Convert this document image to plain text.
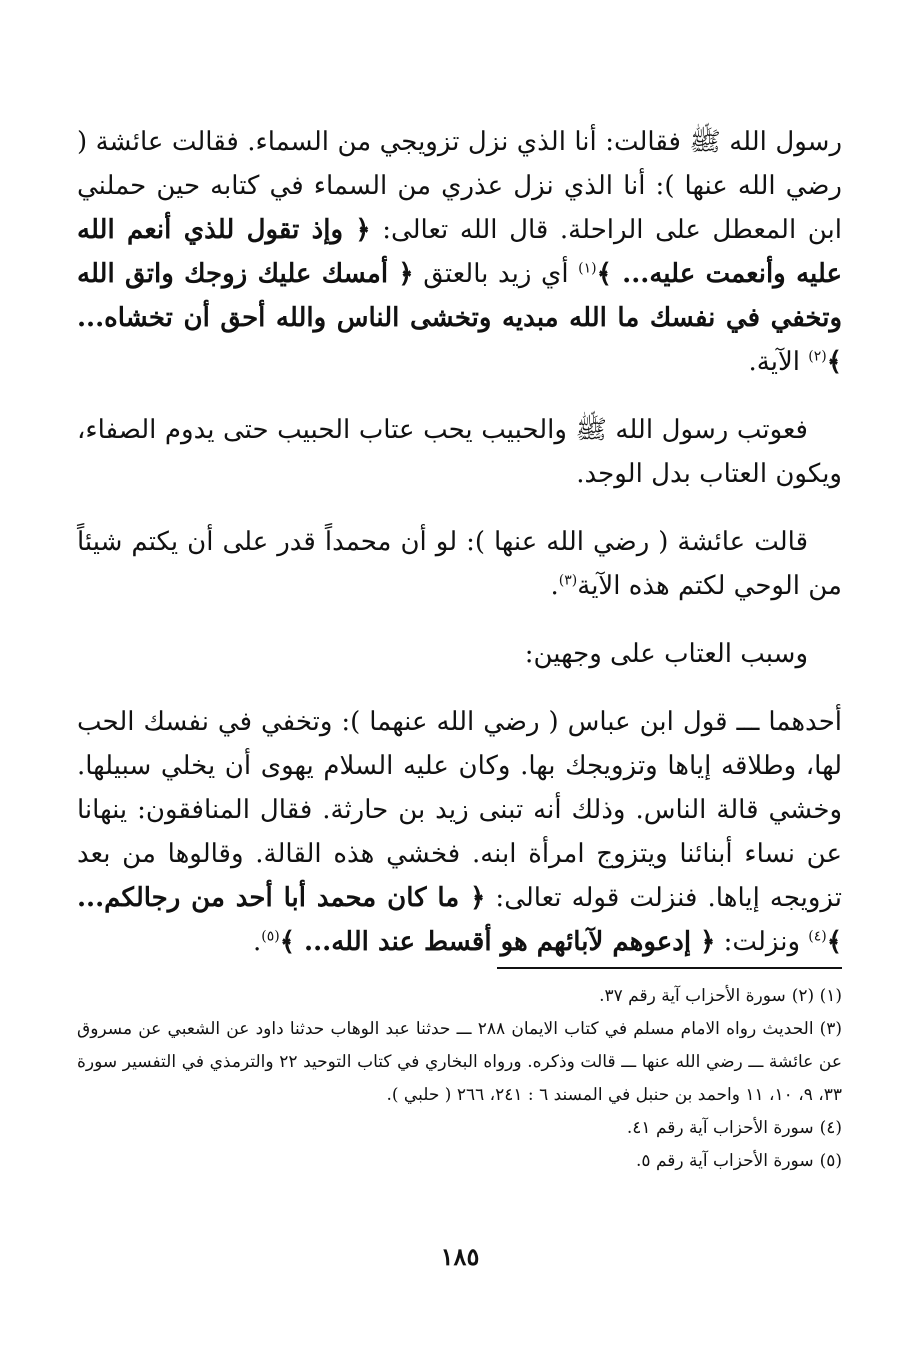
رسول الله ﷺ فقالت: أنا الذي نزل تزويجي من السماء. فقالت عائشة ( رضي الله عنها ): أنا الذي نزل عذري من السماء في كتابه حين حملني ابن المعطل على الراحلة. قال الله تعالى: ﴿ وإذ تقول للذي أنعم الله عليه وأنعمت عليه... ﴾$^{(١)}$ أي زيد بالعتق ﴿ أمسك عليك زوجك واتق الله وتخفي في نفسك ما الله مبديه وتخشى الناس والله أحق أن تخشاه... ﴾$^{(٢)}$ الآية.

فعوتب رسول الله ﷺ والحبيب يحب عتاب الحبيب حتى يدوم الصفاء، ويكون العتاب بدل الوجد.

قالت عائشة ( رضي الله عنها ): لو أن محمداً قدر على أن يكتم شيئاً من الوحي لكتم هذه الآية$^{(٣)}$.

وسبب العتاب على وجهين:

أحدهما ـــ قول ابن عباس ( رضي الله عنهما ): وتخفي في نفسك الحب لها، وطلاقه إياها وتزويجك بها. وكان عليه السلام يهوى أن يخلي سبيلها. وخشي قالة الناس. وذلك أنه تبنى زيد بن حارثة. فقال المنافقون: ينهانا عن نساء أبنائنا ويتزوج امرأة ابنه. فخشي هذه القالة. وقالوها من بعد تزويجه إياها. فنزلت قوله تعالى: ﴿ ما كان محمد أبا أحد من رجالكم... ﴾$^{(٤)}$ ونزلت: ﴿ إدعوهم لآبائهم هو أقسط عند الله... ﴾$^{(٥)}$.

(١) (٢)سورة الأحزاب آية رقم ٣٧.

(٣)الحديث رواه الامام مسلم في كتاب الايمان ٢٨٨ ـــ حدثنا عبد الوهاب حدثنا داود عن الشعبي عن مسروق عن عائشة ـــ رضي الله عنها ـــ قالت وذكره. ورواه البخاري في كتاب التوحيد ٢٢ والترمذي في التفسير سورة ٣٣، ٩، ١٠، ١١ واحمد بن حنبل في المسند ٦ : ٢٤١، ٢٦٦ ( حلبي ).

(٤)سورة الأحزاب آية رقم ٤١.

(٥)سورة الأحزاب آية رقم ٥.

١٨٥
